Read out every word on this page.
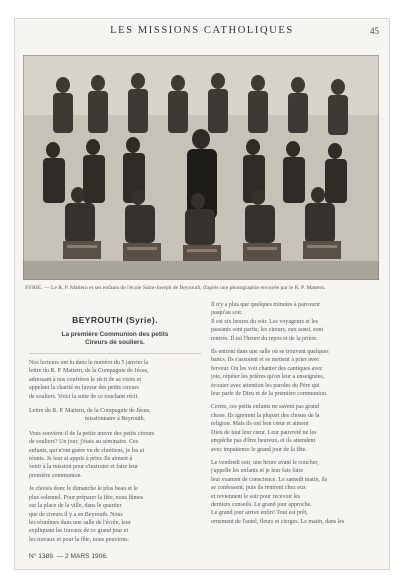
LES MISSIONS CATHOLIQUES	45
SYRIE. — Le R. P. Mattern et ses enfants de l'école Saint-Joseph de Beyrouth, d'après une photographie envoyée par le R. P. Mattern.
BEYROUTH (Syrie).
La première Communion des petits
Cireurs de souliers.
Nos lecteurs ont lu dans le numéro du 5 janvier la
lettre du R. P. Mattern, de la Compagnie de Jésus,
adressant à nos confrères le récit de sa visite et
appelant la charité en faveur des petits cireurs
de souliers. Voici la suite de ce touchant récit.
Lettre du R. P. Mattern, de la Compagnie de Jésus,
missionnaire à Beyrouth.
Vous souvient-il de la petite œuvre des petits cireurs
de souliers? Un jour, j'étais au séminaire. Ces
enfants, qui n'ont guère vu de chrétiens, je les ai
réunis. Je leur ai appris à prier. Ils aiment à
venir à la mission pour s'instruire et faire leur
première communion.
Je choisis donc le dimanche le plus beau et le
plus solennel. Pour préparer la fête, nous fûmes
sur la place de la ville, dans le quartier
que de cireurs il y a en Beyrouth. Nous
les réunîmes dans une salle de l'école, leur
expliquant les travaux de ce grand jour et
les travaux et pour la fête, nous pouvions.
Il n'y a plus que quelques minutes à parcourir
jusqu'au soir.
Il est six heures du soir. Les voyageurs et les
passants sont partis; les cireurs, eux aussi, sont
rentrés. Il est l'heure du repos et de la prière.
Ils entrent dans une salle où se trouvent quelques
bancs. Ils s'assoient et se mettent à prier avec
ferveur. On les voit chanter des cantiques avec
joie, répéter les prières qu'on leur a enseignées,
écouter avec attention les paroles du Père qui
leur parle de Dieu et de la première communion.
Certes, ces petits enfants ne savent pas grand
chose. Ils ignorent la plupart des choses de la
religion. Mais ils ont bon cœur et aiment
Dieu de tout leur cœur. Leur pauvreté ne les
empêche pas d'être heureux, et ils attendent
avec impatience le grand jour de la fête.
Le vendredi soir, une heure avant le coucher,
j'appelle les enfants et je leur fais faire
leur examen de conscience. Le samedi matin, ils
se confessent; puis ils rentrent chez eux
et reviennent le soir pour recevoir les
derniers conseils. Le grand jour approche.
Le grand jour arrive enfin! Tout est prêt,
ornement de l'autel, fleurs et cierges. Le matin, dans les
N° 1389. — 2 MARS 1906.
